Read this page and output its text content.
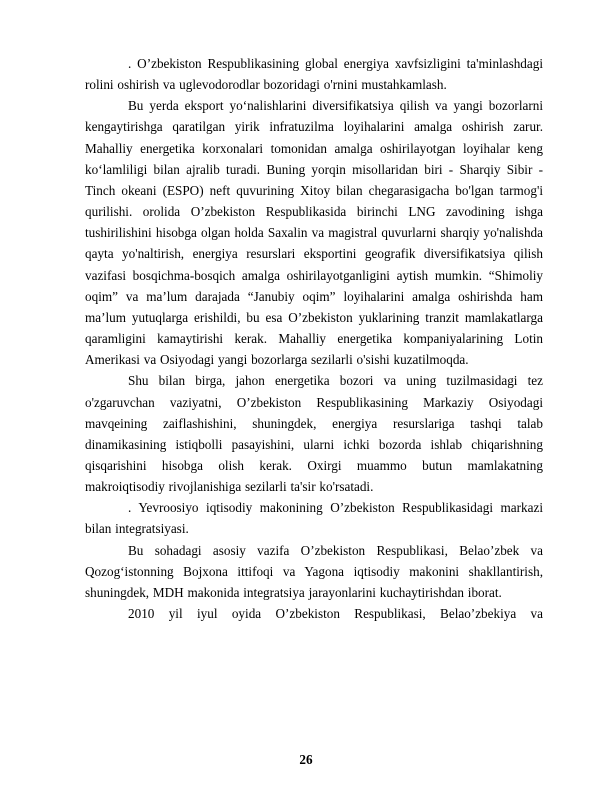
. O’zbekiston Respublikasining global energiya xavfsizligini ta'minlashdagi rolini oshirish va uglevodorodlar bozoridagi o'rnini mustahkamlash.

Bu yerda eksport yo‘nalishlarini diversifikatsiya qilish va yangi bozorlarni kengaytirishga qaratilgan yirik infratuzilma loyihalarini amalga oshirish zarur. Mahalliy energetika korxonalari tomonidan amalga oshirilayotgan loyihalar keng ko‘lamliligi bilan ajralib turadi. Buning yorqin misollaridan biri - Sharqiy Sibir - Tinch okeani (ESPO) neft quvurining Xitoy bilan chegarasigacha bo'lgan tarmog'i qurilishi. orolida O’zbekiston Respublikasida birinchi LNG zavodining ishga tushirilishini hisobga olgan holda Saxalin va magistral quvurlarni sharqiy yo'nalishda qayta yo'naltirish, energiya resurslari eksportini geografik diversifikatsiya qilish vazifasi bosqichma-bosqich amalga oshirilayotganligini aytish mumkin. “Shimoliy oqim” va ma’lum darajada “Janubiy oqim” loyihalarini amalga oshirishda ham ma’lum yutuqlarga erishildi, bu esa O’zbekiston yuklarining tranzit mamlakatlarga qaramligini kamaytirishi kerak. Mahalliy energetika kompaniyalarining Lotin Amerikasi va Osiyodagi yangi bozorlarga sezilarli o'sishi kuzatilmoqda.

Shu bilan birga, jahon energetika bozori va uning tuzilmasidagi tez o'zgaruvchan vaziyatni, O’zbekiston Respublikasining Markaziy Osiyodagi mavqeining zaiflashishini, shuningdek, energiya resurslariga tashqi talab dinamikasining istiqbolli pasayishini, ularni ichki bozorda ishlab chiqarishning qisqarishini hisobga olish kerak. Oxirgi muammo butun mamlakatning makroiqtisodiy rivojlanishiga sezilarli ta'sir ko'rsatadi.

. Yevroosiyo iqtisodiy makonining O’zbekiston Respublikasidagi markazi bilan integratsiyasi.

Bu sohadagi asosiy vazifa O’zbekiston Respublikasi, Belao’zbek va Qozog‘istonning Bojxona ittifoqi va Yagona iqtisodiy makonini shakllantirish, shuningdek, MDH makonida integratsiya jarayonlarini kuchaytirishdan iborat.

2010 yil iyul oyida O’zbekiston Respublikasi, Belao’zbekiya va

26
